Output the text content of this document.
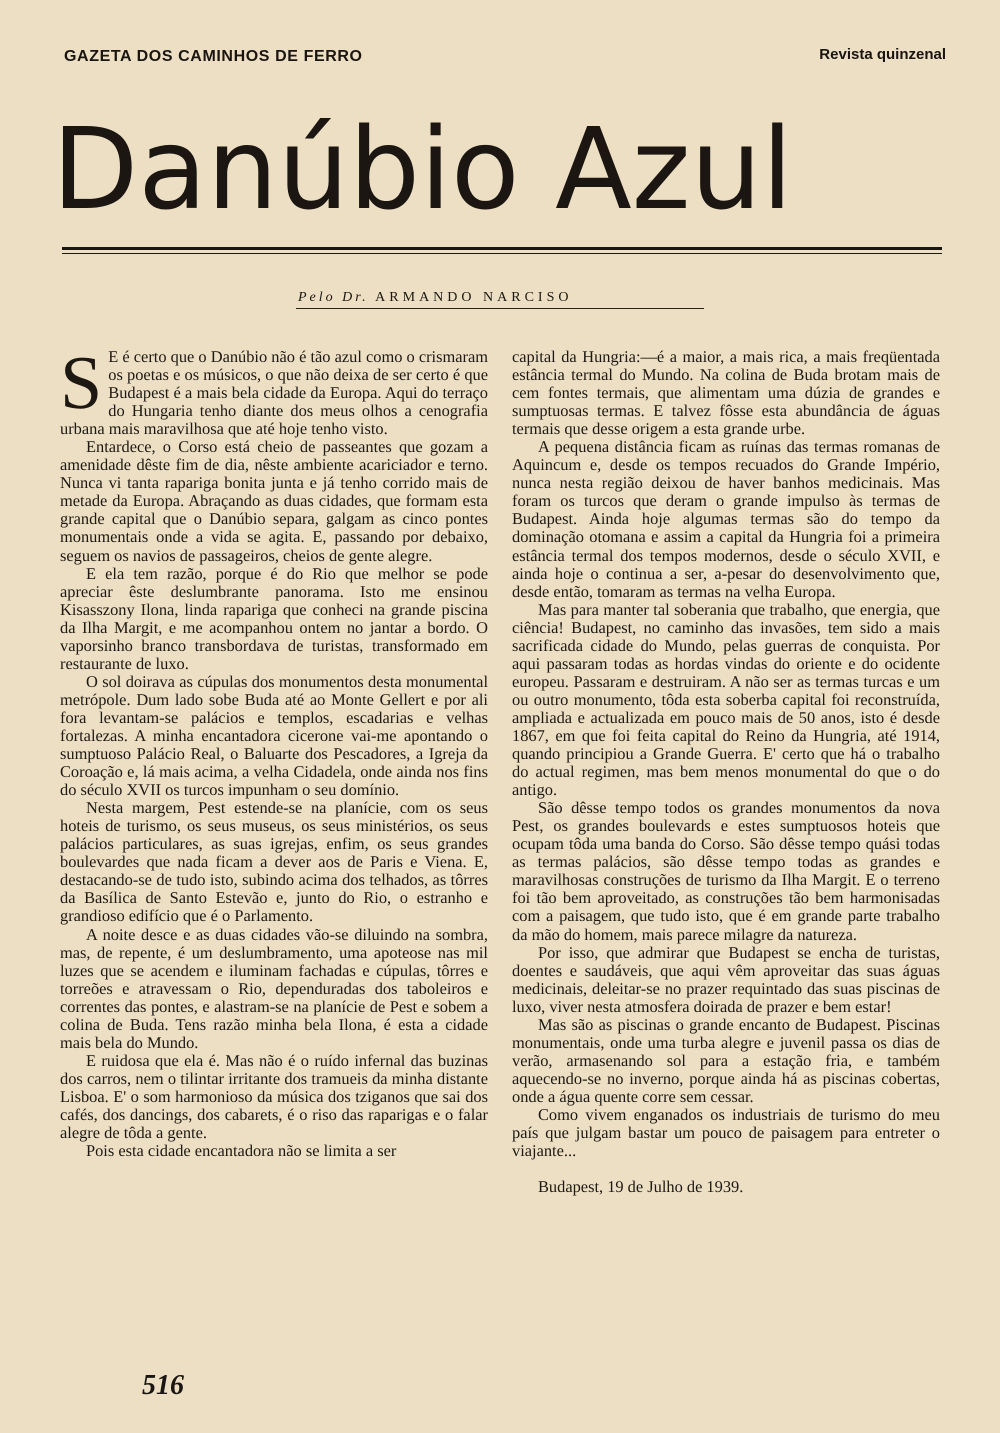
GAZETA DOS CAMINHOS DE FERRO	Revista quinzenal
Danúbio Azul
Pelo Dr. ARMANDO NARCISO

S E é certo que o Danúbio não é tão azul como o crismaram os poetas e os músicos, o que não deixa de ser certo é que Budapest é a mais bela cidade da Europa. Aqui do terraço do Hungaria tenho diante dos meus olhos a cenografia urbana mais maravilhosa que até hoje tenho visto.

Entardece, o Corso está cheio de passeantes que gozam a amenidade dêste fim de dia, nêste ambiente acariciador e terno. Nunca vi tanta rapariga bonita junta e já tenho corrido mais de metade da Europa. Abraçando as duas cidades, que formam esta grande capital que o Danúbio separa, galgam as cinco pontes monumentais onde a vida se agita. E, passando por debaixo, seguem os navios de passageiros, cheios de gente alegre.

E ela tem razão, porque é do Rio que melhor se pode apreciar êste deslumbrante panorama. Isto me ensinou Kisasszony Ilona, linda rapariga que conheci na grande piscina da Ilha Margit, e me acompanhou ontem no jantar a bordo. O vaporsinho branco transbordava de turistas, transformado em restaurante de luxo.

O sol doirava as cúpulas dos monumentos desta monumental metrópole. Dum lado sobe Buda até ao Monte Gellert e por ali fora levantam-se palácios e templos, escadarias e velhas fortalezas. A minha encantadora cicerone vai-me apontando o sumptuoso Palácio Real, o Baluarte dos Pescadores, a Igreja da Coroação e, lá mais acima, a velha Cidadela, onde ainda nos fins do século XVII os turcos impunham o seu domínio.

Nesta margem, Pest estende-se na planície, com os seus hoteis de turismo, os seus museus, os seus ministérios, os seus palácios particulares, as suas igrejas, enfim, os seus grandes boulevardes que nada ficam a dever aos de Paris e Viena. E, destacando-se de tudo isto, subindo acima dos telhados, as tôrres da Basílica de Santo Estevão e, junto do Rio, o estranho e grandioso edifício que é o Parlamento.

A noite desce e as duas cidades vão-se diluindo na sombra, mas, de repente, é um deslumbramento, uma apoteose nas mil luzes que se acendem e iluminam fachadas e cúpulas, tôrres e torreões e atravessam o Rio, dependuradas dos taboleiros e correntes das pontes, e alastram-se na planície de Pest e sobem a colina de Buda. Tens razão minha bela Ilona, é esta a cidade mais bela do Mundo.

E ruidosa que ela é. Mas não é o ruído infernal das buzinas dos carros, nem o tilintar irritante dos tramueis da minha distante Lisboa. E' o som harmonioso da música dos tziganos que sai dos cafés, dos dancings, dos cabarets, é o riso das raparigas e o falar alegre de tôda a gente.

Pois esta cidade encantadora não se limita a ser

capital da Hungria:—é a maior, a mais rica, a mais freqüentada estância termal do Mundo. Na colina de Buda brotam mais de cem fontes termais, que alimentam uma dúzia de grandes e sumptuosas termas. E talvez fôsse esta abundância de águas termais que desse origem a esta grande urbe.

A pequena distância ficam as ruínas das termas romanas de Aquincum e, desde os tempos recuados do Grande Império, nunca nesta região deixou de haver banhos medicinais. Mas foram os turcos que deram o grande impulso às termas de Budapest. Ainda hoje algumas termas são do tempo da dominação otomana e assim a capital da Hungria foi a primeira estância termal dos tempos modernos, desde o século XVII, e ainda hoje o continua a ser, a-pesar do desenvolvimento que, desde então, tomaram as termas na velha Europa.

Mas para manter tal soberania que trabalho, que energia, que ciência! Budapest, no caminho das invasões, tem sido a mais sacrificada cidade do Mundo, pelas guerras de conquista. Por aqui passaram todas as hordas vindas do oriente e do ocidente europeu. Passaram e destruiram. A não ser as termas turcas e um ou outro monumento, tôda esta soberba capital foi reconstruída, ampliada e actualizada em pouco mais de 50 anos, isto é desde 1867, em que foi feita capital do Reino da Hungria, até 1914, quando principiou a Grande Guerra. E' certo que há o trabalho do actual regimen, mas bem menos monumental do que o do antigo.

São dêsse tempo todos os grandes monumentos da nova Pest, os grandes boulevards e estes sumptuosos hoteis que ocupam tôda uma banda do Corso. São dêsse tempo quási todas as termas palácios, são dêsse tempo todas as grandes e maravilhosas construções de turismo da Ilha Margit. E o terreno foi tão bem aproveitado, as construções tão bem harmonisadas com a paisagem, que tudo isto, que é em grande parte trabalho da mão do homem, mais parece milagre da natureza.

Por isso, que admirar que Budapest se encha de turistas, doentes e saudáveis, que aqui vêm aproveitar das suas águas medicinais, deleitar-se no prazer requintado das suas piscinas de luxo, viver nesta atmosfera doirada de prazer e bem estar!

Mas são as piscinas o grande encanto de Budapest. Piscinas monumentais, onde uma turba alegre e juvenil passa os dias de verão, armasenando sol para a estação fria, e também aquecendo-se no inverno, porque ainda há as piscinas cobertas, onde a água quente corre sem cessar.

Como vivem enganados os industriais de turismo do meu país que julgam bastar um pouco de paisagem para entreter o viajante...

Budapest, 19 de Julho de 1939.

516
